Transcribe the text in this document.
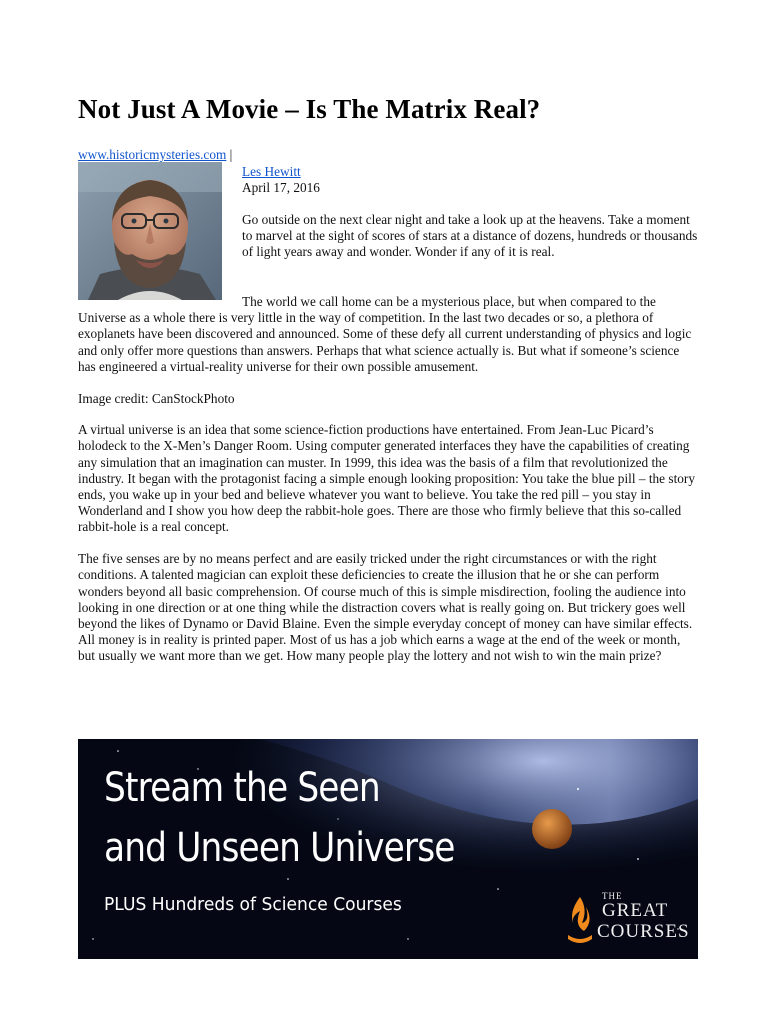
Not Just A Movie – Is The Matrix Real?
www.historicmysteries.com |
Les Hewitt
April 17, 2016

Go outside on the next clear night and take a look up at the heavens. Take a moment to marvel at the sight of scores of stars at a distance of dozens, hundreds or thousands of light years away and wonder. Wonder if any of it is real.

The world we call home can be a mysterious place, but when compared to the Universe as a whole there is very little in the way of competition. In the last two decades or so, a plethora of exoplanets have been discovered and announced. Some of these defy all current understanding of physics and logic and only offer more questions than answers. Perhaps that what science actually is. But what if someone’s science has engineered a virtual-reality universe for their own possible amusement.

Image credit: CanStockPhoto

A virtual universe is an idea that some science-fiction productions have entertained. From Jean-Luc Picard’s holodeck to the X-Men’s Danger Room. Using computer generated interfaces they have the capabilities of creating any simulation that an imagination can muster. In 1999, this idea was the basis of a film that revolutionized the industry. It began with the protagonist facing a simple enough looking proposition: You take the blue pill – the story ends, you wake up in your bed and believe whatever you want to believe. You take the red pill – you stay in Wonderland and I show you how deep the rabbit-hole goes. There are those who firmly believe that this so-called rabbit-hole is a real concept.

The five senses are by no means perfect and are easily tricked under the right circumstances or with the right conditions. A talented magician can exploit these deficiencies to create the illusion that he or she can perform wonders beyond all basic comprehension. Of course much of this is simple misdirection, fooling the audience into looking in one direction or at one thing while the distraction covers what is really going on. But trickery goes well beyond the likes of Dynamo or David Blaine. Even the simple everyday concept of money can have similar effects. All money is in reality is printed paper. Most of us has a job which earns a wage at the end of the week or month, but usually we want more than we get. How many people play the lottery and not wish to win the main prize?

Stream the Seen
and Unseen Universe
PLUS Hundreds of Science Courses	THE
GREAT
COURSES
